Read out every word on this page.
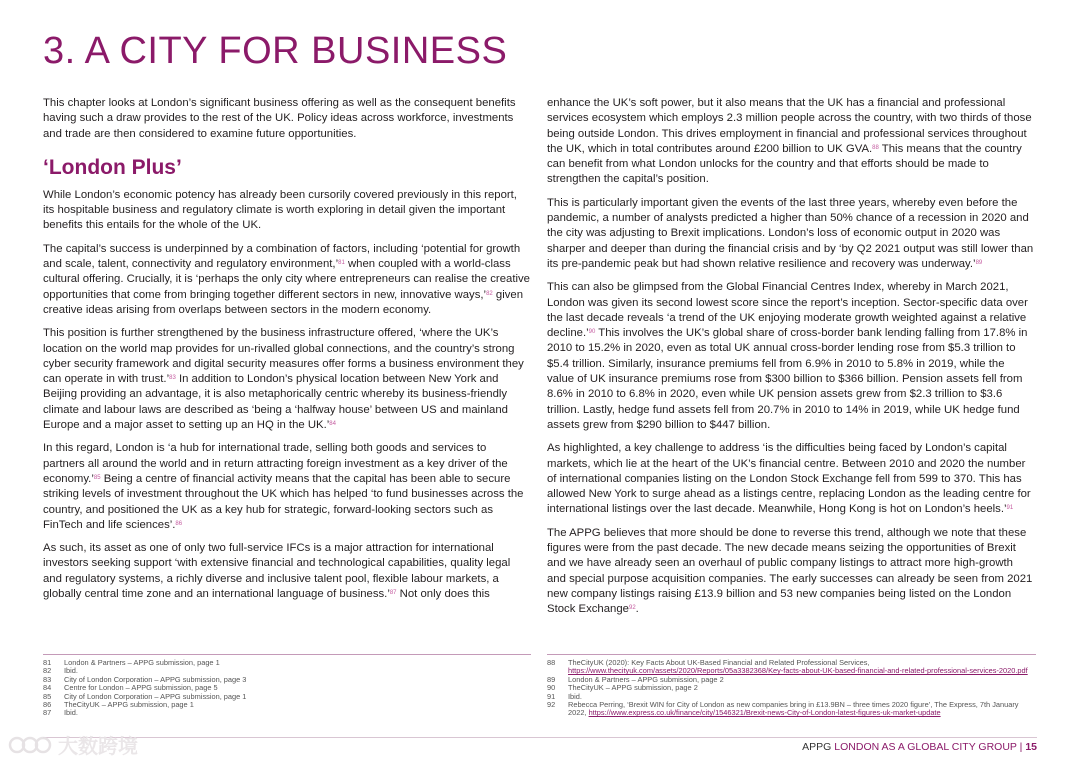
3. A CITY FOR BUSINESS

This chapter looks at London’s significant business offering as well as the consequent benefits having such a draw provides to the rest of the UK. Policy ideas across workforce, investments and trade are then considered to examine future opportunities.

‘London Plus’

While London’s economic potency has already been cursorily covered previously in this report, its hospitable business and regulatory climate is worth exploring in detail given the important benefits this entails for the whole of the UK.

The capital’s success is underpinned by a combination of factors, including ‘potential for growth and scale, talent, connectivity and regulatory environment,’$^{81}$ when coupled with a world-class cultural offering. Crucially, it is ‘perhaps the only city where entrepreneurs can realise the creative opportunities that come from bringing together different sectors in new, innovative ways,’$^{82}$ given creative ideas arising from overlaps between sectors in the modern economy.

This position is further strengthened by the business infrastructure offered, ‘where the UK’s location on the world map provides for un-rivalled global connections, and the country’s strong cyber security framework and digital security measures offer forms a business environment they can operate in with trust.’$^{83}$ In addition to London’s physical location between New York and Beijing providing an advantage, it is also metaphorically centric whereby its business-friendly climate and labour laws are described as ‘being a ‘halfway house’ between US and mainland Europe and a major asset to setting up an HQ in the UK.’$^{84}$

In this regard, London is ‘a hub for international trade, selling both goods and services to partners all around the world and in return attracting foreign investment as a key driver of the economy.’$^{85}$ Being a centre of financial activity means that the capital has been able to secure striking levels of investment throughout the UK which has helped ‘to fund businesses across the country, and positioned the UK as a key hub for strategic, forward-looking sectors such as FinTech and life sciences’.$^{86}$

As such, its asset as one of only two full-service IFCs is a major attraction for international investors seeking support ‘with extensive financial and technological capabilities, quality legal and regulatory systems, a richly diverse and inclusive talent pool, flexible labour markets, a globally central time zone and an international language of business.’$^{87}$ Not only does this

enhance the UK’s soft power, but it also means that the UK has a financial and professional services ecosystem which employs 2.3 million people across the country, with two thirds of those being outside London. This drives employment in financial and professional services throughout the UK, which in total contributes around £200 billion to UK GVA.$^{88}$ This means that the country can benefit from what London unlocks for the country and that efforts should be made to strengthen the capital’s position.

This is particularly important given the events of the last three years, whereby even before the pandemic, a number of analysts predicted a higher than 50% chance of a recession in 2020 and the city was adjusting to Brexit implications. London’s loss of economic output in 2020 was sharper and deeper than during the financial crisis and by ‘by Q2 2021 output was still lower than its pre-pandemic peak but had shown relative resilience and recovery was underway.’$^{89}$

This can also be glimpsed from the Global Financial Centres Index, whereby in March 2021, London was given its second lowest score since the report’s inception. Sector-specific data over the last decade reveals ‘a trend of the UK enjoying moderate growth weighted against a relative decline.’$^{90}$ This involves the UK’s global share of cross-border bank lending falling from 17.8% in 2010 to 15.2% in 2020, even as total UK annual cross-border lending rose from $5.3 trillion to $5.4 trillion. Similarly, insurance premiums fell from 6.9% in 2010 to 5.8% in 2019, while the value of UK insurance premiums rose from $300 billion to $366 billion. Pension assets fell from 8.6% in 2010 to 6.8% in 2020, even while UK pension assets grew from $2.3 trillion to $3.6 trillion. Lastly, hedge fund assets fell from 20.7% in 2010 to 14% in 2019, while UK hedge fund assets grew from $290 billion to $447 billion.

As highlighted, a key challenge to address ‘is the difficulties being faced by London’s capital markets, which lie at the heart of the UK’s financial centre. Between 2010 and 2020 the number of international companies listing on the London Stock Exchange fell from 599 to 370. This has allowed New York to surge ahead as a listings centre, replacing London as the leading centre for international listings over the last decade. Meanwhile, Hong Kong is hot on London’s heels.’$^{91}$

The APPG believes that more should be done to reverse this trend, although we note that these figures were from the past decade. The new decade means seizing the opportunities of Brexit and we have already seen an overhaul of public company listings to attract more high-growth and special purpose acquisition companies. The early successes can already be seen from 2021 new company listings raising £13.9 billion and 53 new companies being listed on the London Stock Exchange$^{92}$.

81	London & Partners – APPG submission, page 1
82	Ibid.
83	City of London Corporation – APPG submission, page 3
84	Centre for London – APPG submission, page 5
85	City of London Corporation – APPG submission, page 1
86	TheCityUK – APPG submission, page 1
87	Ibid.
88	TheCityUK (2020): Key Facts About UK-Based Financial and Related Professional Services, https://www.thecityuk.com/assets/2020/Reports/05a3382368/Key-facts-about-UK-based-financial-and-related-professional-services-2020.pdf
89	London & Partners – APPG submission, page 2
90	TheCityUK – APPG submission, page 2
91	Ibid.
92	Rebecca Perring, ‘Brexit WIN for City of London as new companies bring in £13.9BN – three times 2020 figure’, The Express, 7th January 2022, https://www.express.co.uk/finance/city/1546321/Brexit-news-City-of-London-latest-figures-uk-market-update
APPG LONDON AS A GLOBAL CITY GROUP | 15
大数跨境
